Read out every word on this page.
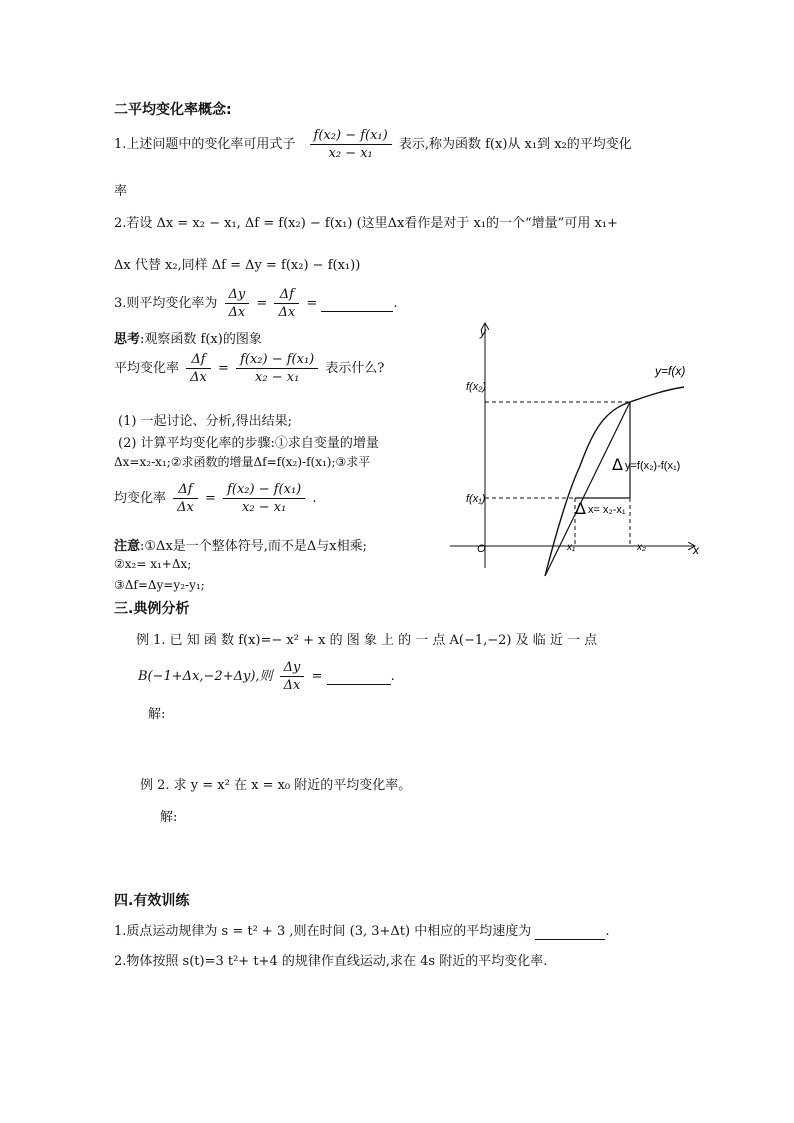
二平均变化率概念:
1.上述问题中的变化率可用式子 $\frac{\text{f(x₂) − f(x₁)}}{\text{x₂ − x₁}}$ 表示,称为函数 f(x)从 x₁到 x₂的平均变化
率
2.若设 Δx = x₂ − x₁, Δf = f(x₂) − f(x₁) (这里Δx看作是对于 x₁的一个“增量”可用 x₁+
Δx 代替 x₂,同样 Δf = Δy = f(x₂) − f(x₁))
3.则平均变化率为 $\frac{\Delta y}{\Delta x} = \frac{\Delta f}{\Delta x}$ =	.
思考:观察函数 f(x)的图象
平均变化率 $\frac{\Delta f}{\Delta x} = \frac{\text{f(x₂) − f(x₁)}}{\text{x₂ − x₁}}$ 表示什么?
(1) 一起讨论、分析,得出结果;
(2) 计算平均变化率的步骤:①求自变量的增量
Δx=x₂-x₁;②求函数的增量Δf=f(x₂)-f(x₁);③求平
均变化率 $\frac{\Delta f}{\Delta x} = \frac{\text{f(x₂) − f(x₁)}}{\text{x₂ − x₁}}$ .
注意:①Δx是一个整体符号,而不是Δ与x相乘;
②x₂= x₁+Δx;
③Δf=Δy=y₂-y₁;
y
x
O
y=f(x)
f(x₂)
f(x₁)
x₁	x₂
Δ y=f(x₂)-f(x₁)
Δ x= x₂-x₁
三.典例分析
例 1. 已 知 函 数 f(x)=− x² + x 的 图 象 上 的 一 点 A(−1,−2) 及 临 近 一 点
B(−1+Δx,−2+Δy),则 $\frac{\Delta y}{\Delta x}$ =	.
解:
例 2. 求 y = x² 在 x = x₀ 附近的平均变化率。
解:
四.有效训练
1.质点运动规律为 s = t² + 3 ,则在时间 (3, 3+Δt) 中相应的平均速度为	.
2.物体按照 s(t)=3 t²+ t+4 的规律作直线运动,求在 4s 附近的平均变化率.
